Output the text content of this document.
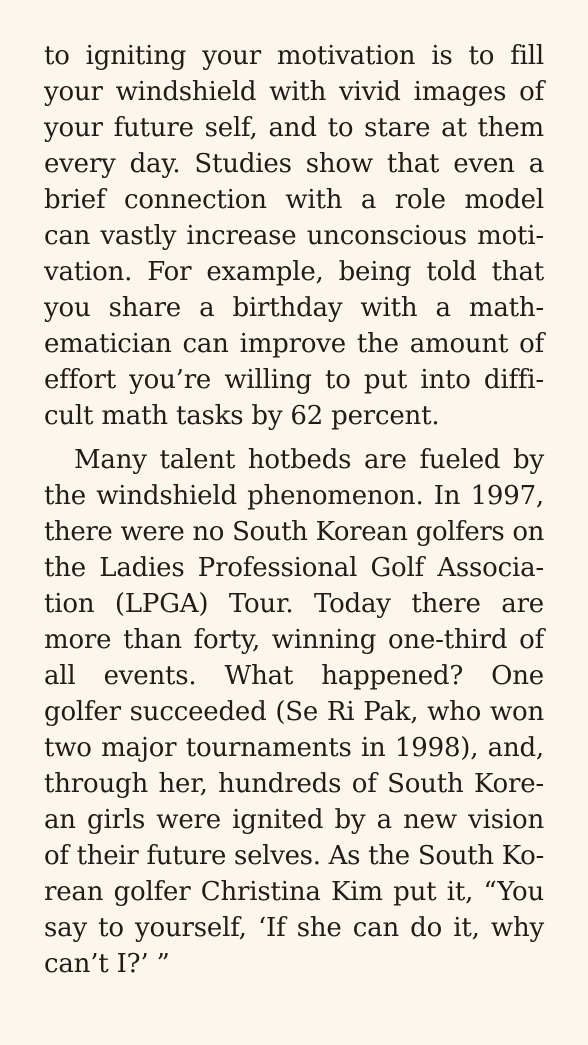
to igniting your motivation is to fill
your windshield with vivid images of
your future self, and to stare at them
every day. Studies show that even a
brief connection with a role model
can vastly increase unconscious moti-
vation. For example, being told that
you share a birthday with a math-
ematician can improve the amount of
effort you’re willing to put into diffi-
cult math tasks by 62 percent.
Many talent hotbeds are fueled by
the windshield phenomenon. In 1997,
there were no South Korean golfers on
the Ladies Professional Golf Associa-
tion (LPGA) Tour. Today there are
more than forty, winning one-third of
all events. What happened? One
golfer succeeded (Se Ri Pak, who won
two major tournaments in 1998), and,
through her, hundreds of South Kore-
an girls were ignited by a new vision
of their future selves. As the South Ko-
rean golfer Christina Kim put it, “You
say to yourself, ‘If she can do it, why
can’t I?’ ”
